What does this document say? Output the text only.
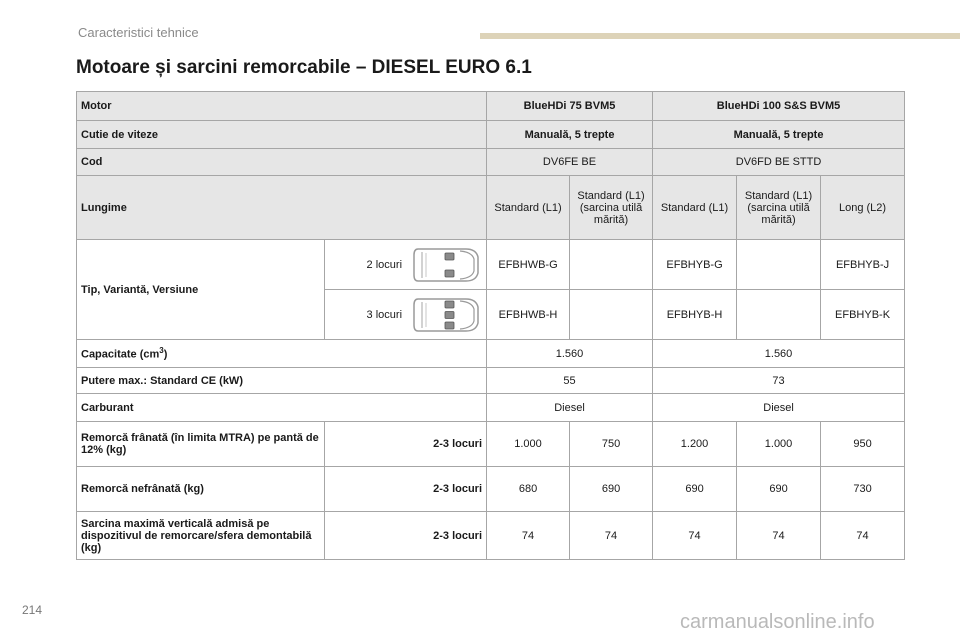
Caracteristici tehnice
Motoare și sarcini remorcabile – DIESEL EURO 6.1
Motor		BlueHDi 75 BVM5		BlueHDi 100 S&S BVM5		
Cutie de viteze		Manuală, 5 trepte		Manuală, 5 trepte		
Cod		DV6FE BE		DV6FD BE STTD		
Lungime		Standard (L1)	Standard (L1) (sarcina utilă mărită)	Standard (L1)	Standard (L1) (sarcina utilă mărită)	Long (L2)
Tip, Variantă, Versiune	2 locuri	EFBHWB-G		EFBHYB-G		EFBHYB-J

	3 locuri	EFBHWB-H		EFBHYB-H		EFBHYB-K
Capacitate $(cm^3)$		1.560		1.560		
Putere max.: Standard CE (kW)		55		73		
Carburant		Diesel		Diesel		
Remorcă frânată (în limita MTRA) pe pantă de 12% (kg)	2-3 locuri	1.000	750	1.200	1.000	950
Remorcă nefrânată (kg)	2-3 locuri	680	690	690	690	730
Sarcina maximă verticală admisă pe dispozitivul de remorcare/sfera demontabilă (kg)	2-3 locuri	74	74	74	74	74
214
carmanualsonline.info
